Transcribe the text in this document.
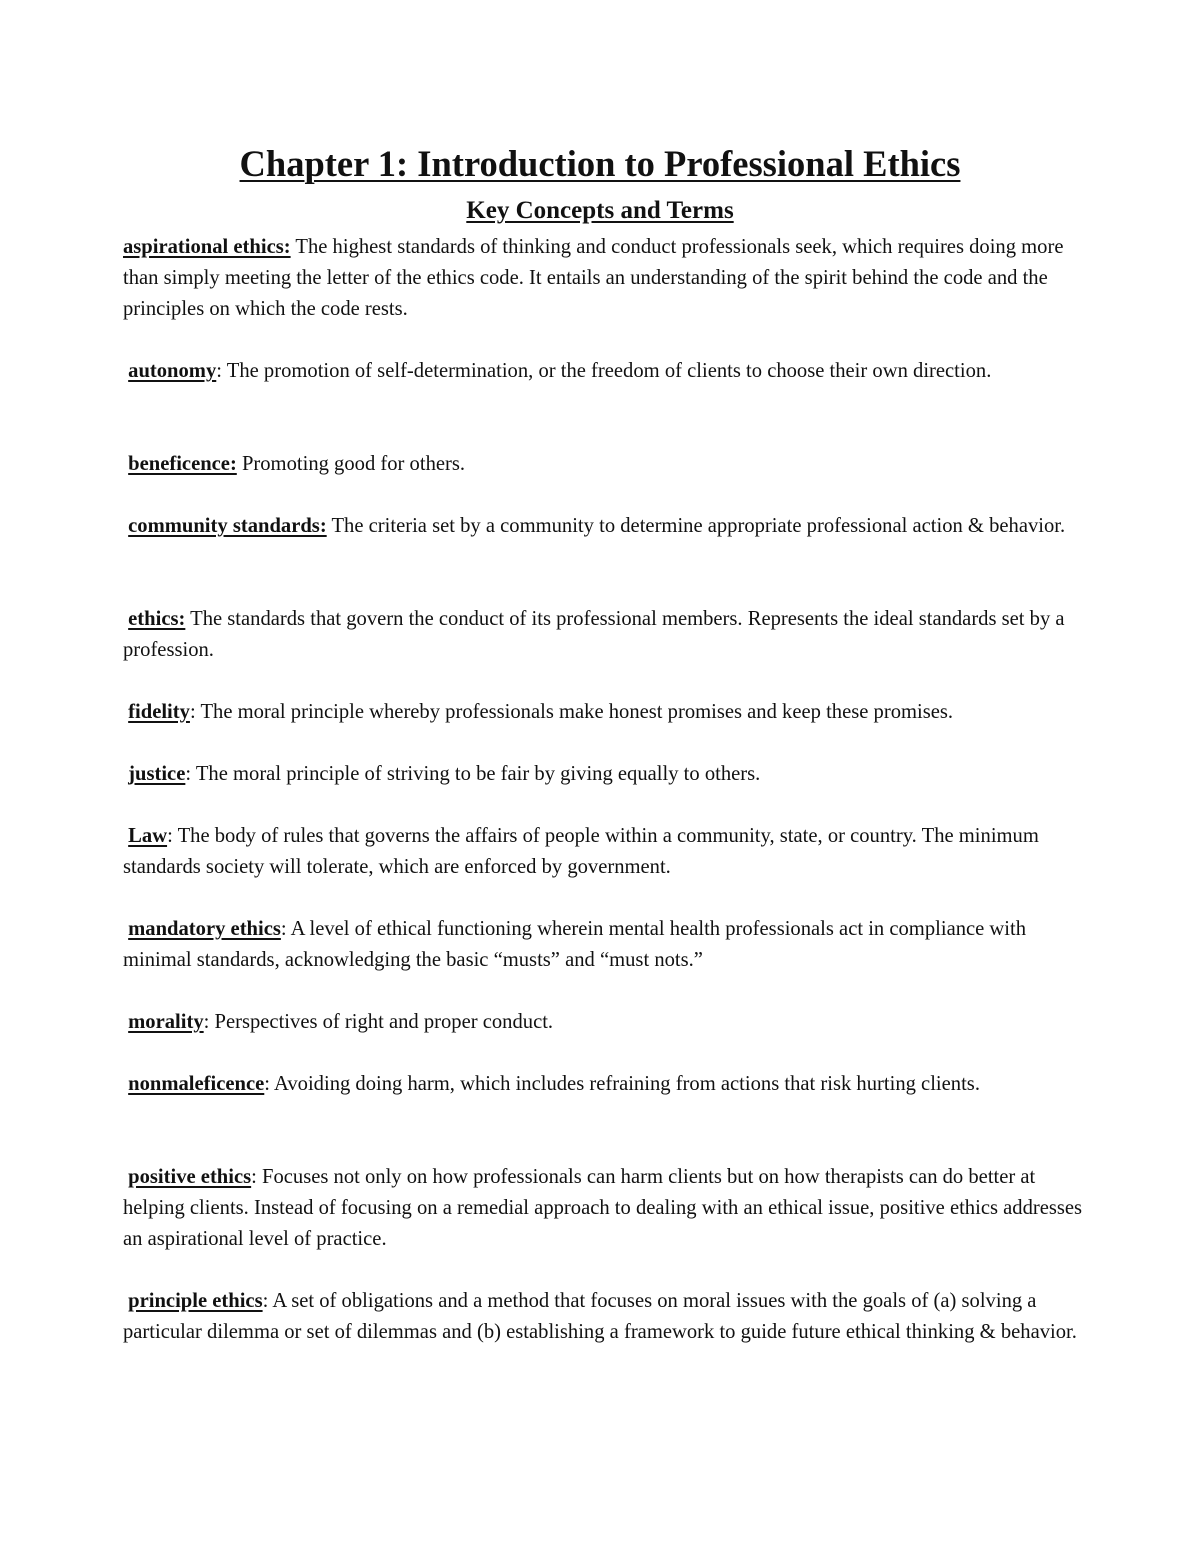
Chapter 1: Introduction to Professional Ethics
Key Concepts and Terms

aspirational ethics: The highest standards of thinking and conduct professionals seek, which requires doing more than simply meeting the letter of the ethics code. It entails an understanding of the spirit behind the code and the principles on which the code rests.

autonomy: The promotion of self-determination, or the freedom of clients to choose their own direction.

beneficence: Promoting good for others.

community standards: The criteria set by a community to determine appropriate professional action & behavior.

ethics: The standards that govern the conduct of its professional members. Represents the ideal standards set by a profession.

fidelity: The moral principle whereby professionals make honest promises and keep these promises.

justice: The moral principle of striving to be fair by giving equally to others.

Law: The body of rules that governs the affairs of people within a community, state, or country. The minimum standards society will tolerate, which are enforced by government.

mandatory ethics: A level of ethical functioning wherein mental health professionals act in compliance with minimal standards, acknowledging the basic “musts” and “must nots.”

morality: Perspectives of right and proper conduct.

nonmaleficence: Avoiding doing harm, which includes refraining from actions that risk hurting clients.

positive ethics: Focuses not only on how professionals can harm clients but on how therapists can do better at helping clients. Instead of focusing on a remedial approach to dealing with an ethical issue, positive ethics addresses an aspirational level of practice.

principle ethics: A set of obligations and a method that focuses on moral issues with the goals of (a) solving a particular dilemma or set of dilemmas and (b) establishing a framework to guide future ethical thinking & behavior.
